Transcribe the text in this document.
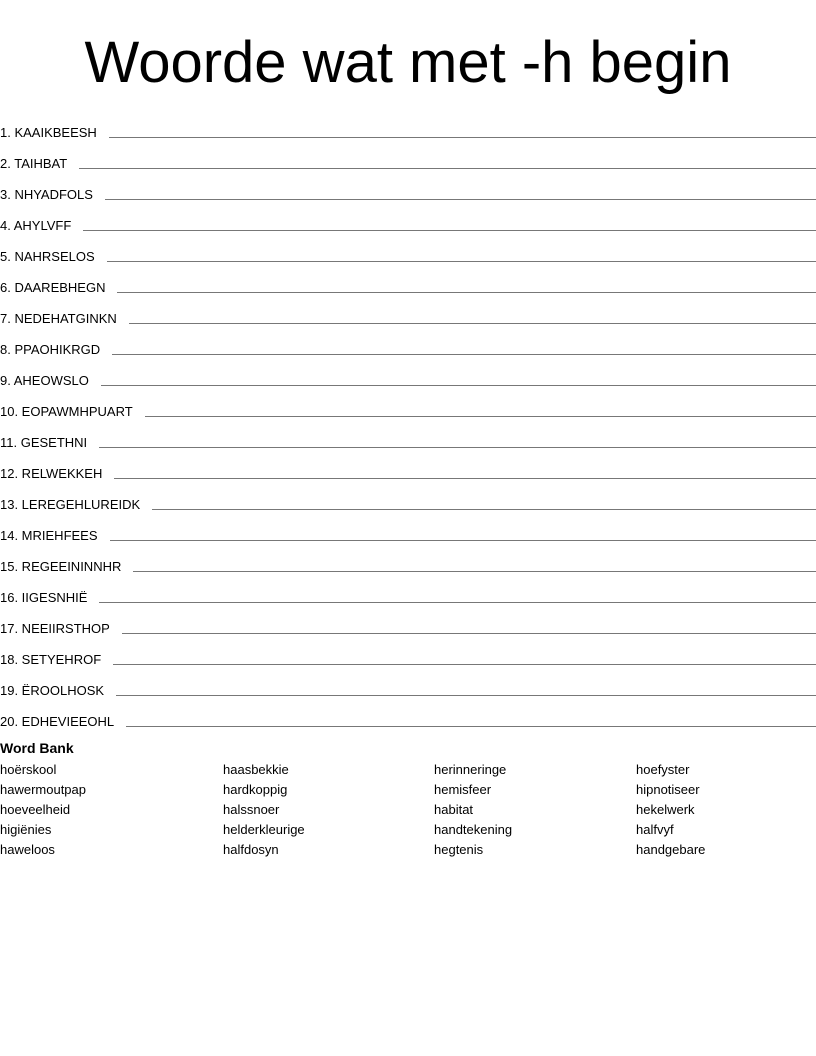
Woorde wat met -h begin
1. KAAIKBEESH
2. TAIHBAT
3. NHYADFOLS
4. AHYLVFF
5. NAHRSELOS
6. DAAREBHEGN
7. NEDEHATGINKN
8. PPAOHIKRGD
9. AHEOWSLO
10. EOPAWMHPUART
11. GESETHNI
12. RELWEKKEH
13. LEREGEHLUREIDK
14. MRIEHFEES
15. REGEEININNHR
16. IIGESNHIË
17. NEEIIRSTHOP
18. SETYEHROF
19. ËROOLHOSK
20. EDHEVIEEOHL
Word Bank
hoërskool
hawermoutpap
hoeveelheid
higiënies
haweloos
haasbekkie
hardkoppig
halssnoer
helderkleurige
halfdosyn
herinneringe
hemisfeer
habitat
handtekening
hegtenis
hoefyster
hipnotiseer
hekelwerk
halfvyf
handgebare
